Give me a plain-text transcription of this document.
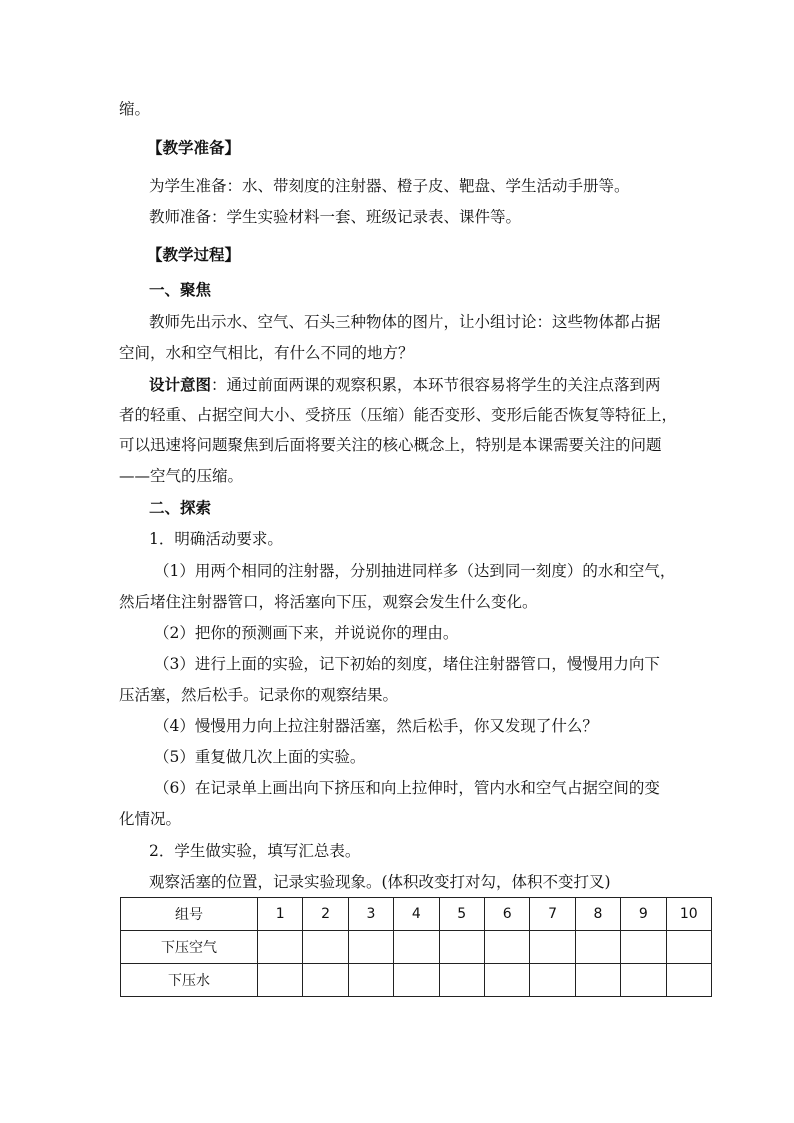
缩。
【教学准备】
为学生准备：水、带刻度的注射器、橙子皮、靶盘、学生活动手册等。
教师准备：学生实验材料一套、班级记录表、课件等。
【教学过程】
一、聚焦
教师先出示水、空气、石头三种物体的图片，让小组讨论：这些物体都占据
空间，水和空气相比，有什么不同的地方？
设计意图：通过前面两课的观察积累，本环节很容易将学生的关注点落到两
者的轻重、占据空间大小、受挤压（压缩）能否变形、变形后能否恢复等特征上，
可以迅速将问题聚焦到后面将要关注的核心概念上，特别是本课需要关注的问题
——空气的压缩。
二、探索
1．明确活动要求。
（1）用两个相同的注射器，分别抽进同样多（达到同一刻度）的水和空气，
然后堵住注射器管口，将活塞向下压，观察会发生什么变化。
（2）把你的预测画下来，并说说你的理由。
（3）进行上面的实验，记下初始的刻度，堵住注射器管口，慢慢用力向下
压活塞，然后松手。记录你的观察结果。
（4）慢慢用力向上拉注射器活塞，然后松手，你又发现了什么？
（5）重复做几次上面的实验。
（6）在记录单上画出向下挤压和向上拉伸时，管内水和空气占据空间的变
化情况。
2．学生做实验，填写汇总表。
观察活塞的位置，记录实验现象。(体积改变打对勾，体积不变打叉)
组号	1	2	3	4	5	6	7	8	9	10
下压空气										
下压水										
